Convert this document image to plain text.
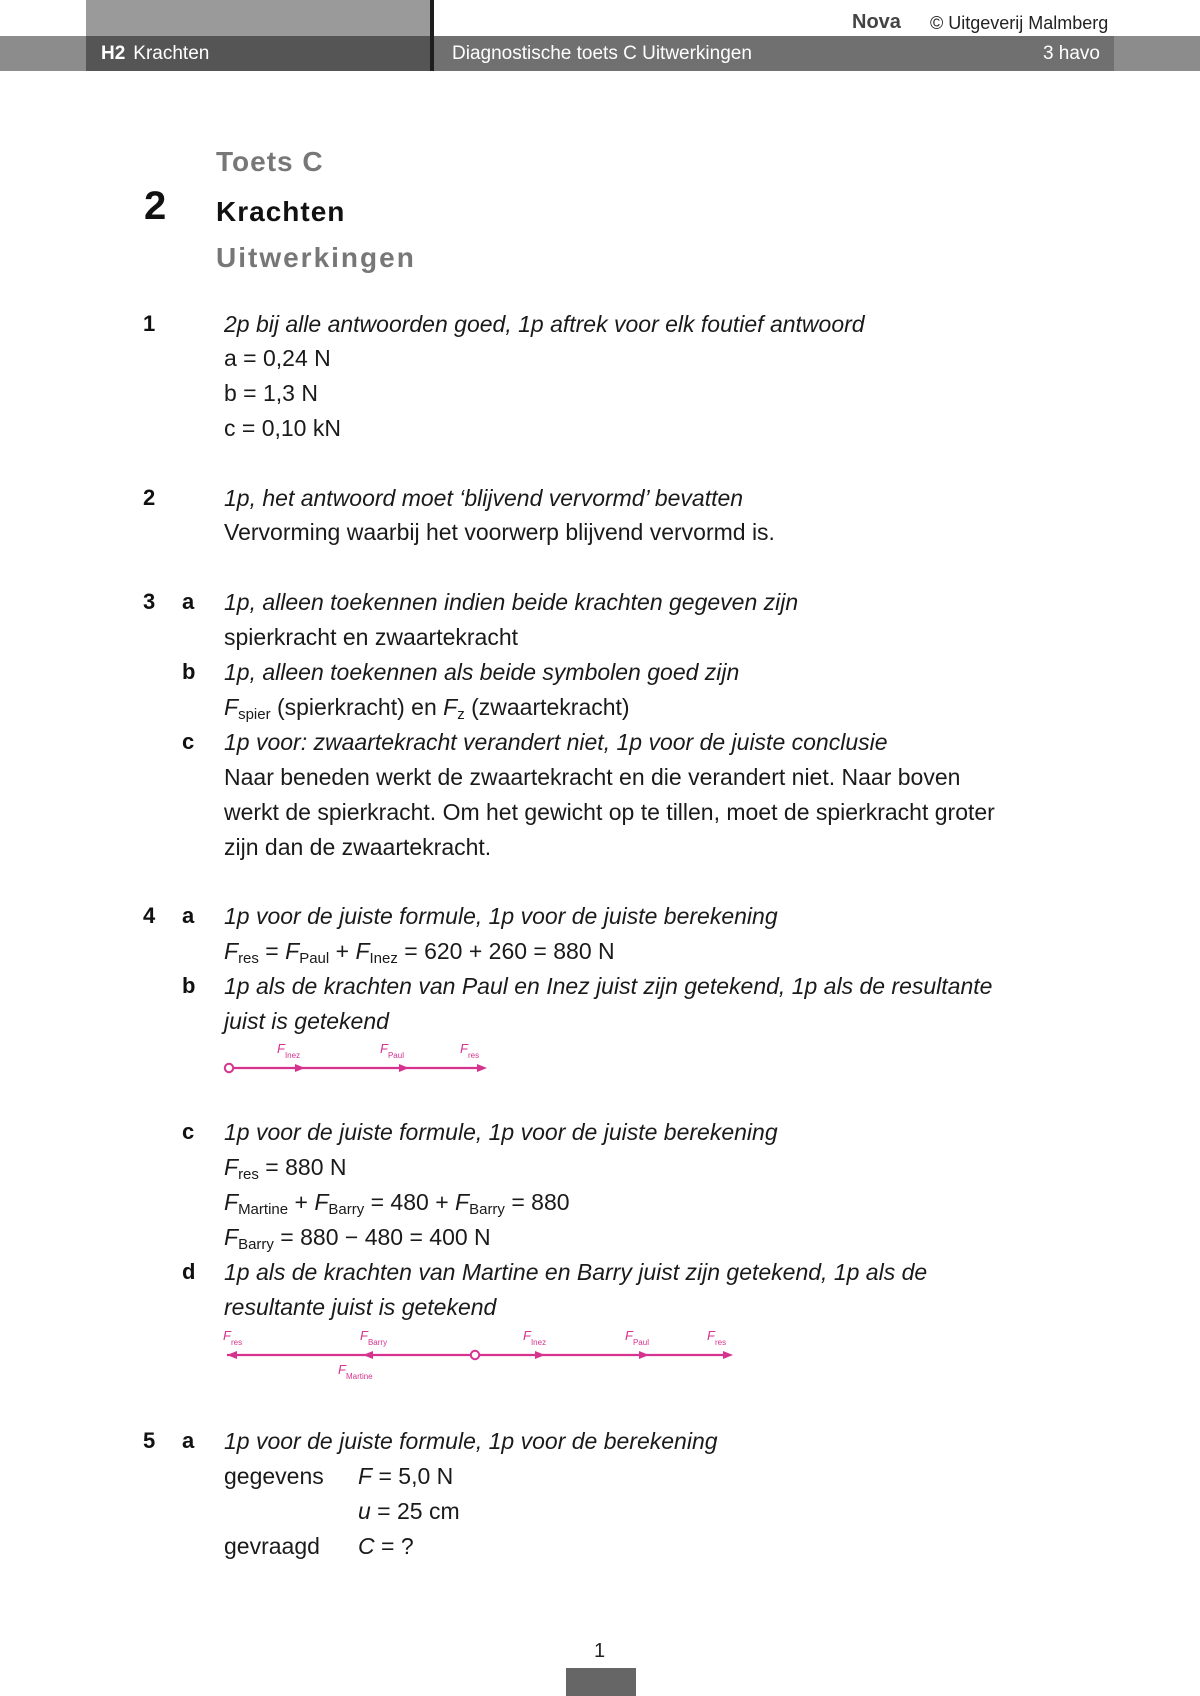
H2 Krachten	Diagnostische toets C Uitwerkingen	3 havo
Nova © Uitgeverij Malmberg
2
Toets C
Krachten
Uitwerkingen
1	2p bij alle antwoorden goed, 1p aftrek voor elk foutief antwoord
a = 0,24 N
b = 1,3 N
c = 0,10 kN
2	1p, het antwoord moet ‘blijvend vervormd’ bevatten
Vervorming waarbij het voorwerp blijvend vervormd is.
3 a 1p, alleen toekennen indien beide krachten gegeven zijn
spierkracht en zwaartekracht
b 1p, alleen toekennen als beide symbolen goed zijn
$F_{spier}$ (spierkracht) en $F_z$ (zwaartekracht)
c 1p voor: zwaartekracht verandert niet, 1p voor de juiste conclusie
Naar beneden werkt de zwaartekracht en die verandert niet. Naar boven
werkt de spierkracht. Om het gewicht op te tillen, moet de spierkracht groter
zijn dan de zwaartekracht.
4 a 1p voor de juiste formule, 1p voor de juiste berekening
$F_{res} = F_{Paul} + F_{Inez} = 620 + 260 = 880$ N
b 1p als de krachten van Paul en Inez juist zijn getekend, 1p als de resultante
juist is getekend
$F_{Inez}$	$F_{Paul}$	$F_{res}$
c 1p voor de juiste formule, 1p voor de juiste berekening
$F_{res} = 880$ N
$F_{Martine} + F_{Barry} = 480 + F_{Barry} = 880$
$F_{Barry} = 880 - 480 = 400$ N
d 1p als de krachten van Martine en Barry juist zijn getekend, 1p als de
resultante juist is getekend
$F_{res}$	$F_{Barry}$
$F_{Martine}$
$F_{Inez}$	$F_{Paul}$	$F_{res}$
5 a 1p voor de juiste formule, 1p voor de berekening
gegevens F = 5,0 N
u = 25 cm
gevraagd C = ?
1
